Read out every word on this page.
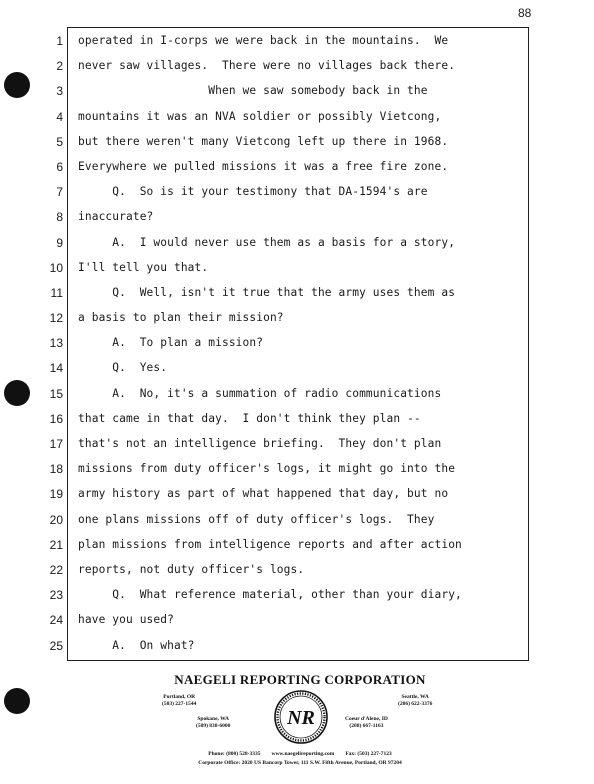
88
1
2
3
4
5
6
7
8
9
10
11
12
13
14
15
16
17
18
19
20
21
22
23
24
25
operated in I-corps we were back in the mountains.  We
never saw villages.  There were no villages back there.
When we saw somebody back in the
mountains it was an NVA soldier or possibly Vietcong,
but there weren't many Vietcong left up there in 1968.
Everywhere we pulled missions it was a free fire zone.
Q.  So is it your testimony that DA-1594's are
inaccurate?
A.  I would never use them as a basis for a story,
I'll tell you that.
Q.  Well, isn't it true that the army uses them as
a basis to plan their mission?
A.  To plan a mission?
Q.  Yes.
A.  No, it's a summation of radio communications
that came in that day.  I don't think they plan --
that's not an intelligence briefing.  They don't plan
missions from duty officer's logs, it might go into the
army history as part of what happened that day, but no
one plans missions off of duty officer's logs.  They
plan missions from intelligence reports and after action
reports, not duty officer's logs.
Q.  What reference material, other than your diary,
have you used?
A.  On what?
NAEGELI REPORTING CORPORATION
Portland, OR
(503) 227-1544
Seattle, WA
(206) 622-3376
Spokane, WA
(509) 838-6000
Coeur d'Alene, ID
(208) 667-1163
NR
Phone: (800) 528-3335        www.naegelireporting.com        Fax: (503) 227-7123
Corporate Office: 2020 US Bancorp Tower, 111 S.W. Fifth Avenue, Portland, OR 97204
